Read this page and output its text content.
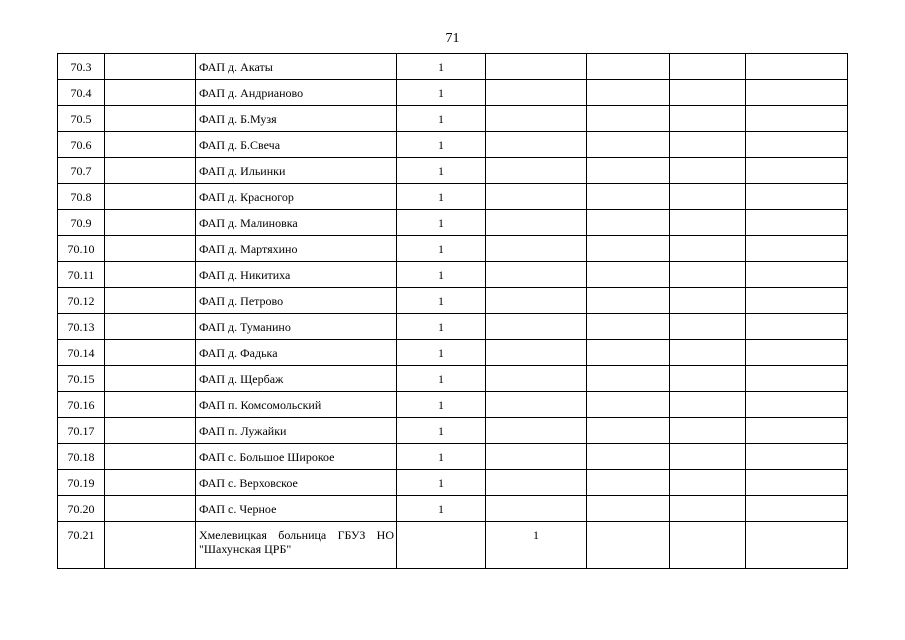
71
70.3		ФАП д. Акаты	1				
70.4		ФАП д. Андрианово	1				
70.5		ФАП д. Б.Музя	1				
70.6		ФАП д. Б.Свеча	1				
70.7		ФАП д. Ильинки	1				
70.8		ФАП д. Красногор	1				
70.9		ФАП д. Малиновка	1				
70.10		ФАП д. Мартяхино	1				
70.11		ФАП д. Никитиха	1				
70.12		ФАП д. Петрово	1				
70.13		ФАП д. Туманино	1				
70.14		ФАП д. Фадька	1				
70.15		ФАП д. Щербаж	1				
70.16		ФАП п. Комсомольский	1				
70.17		ФАП п. Лужайки	1				
70.18		ФАП с. Большое Широкое	1				
70.19		ФАП с. Верховское	1				
70.20		ФАП с. Черное	1				
70.21		Хмелевицкая больница ГБУЗ НО "Шахунская ЦРБ"		1			
